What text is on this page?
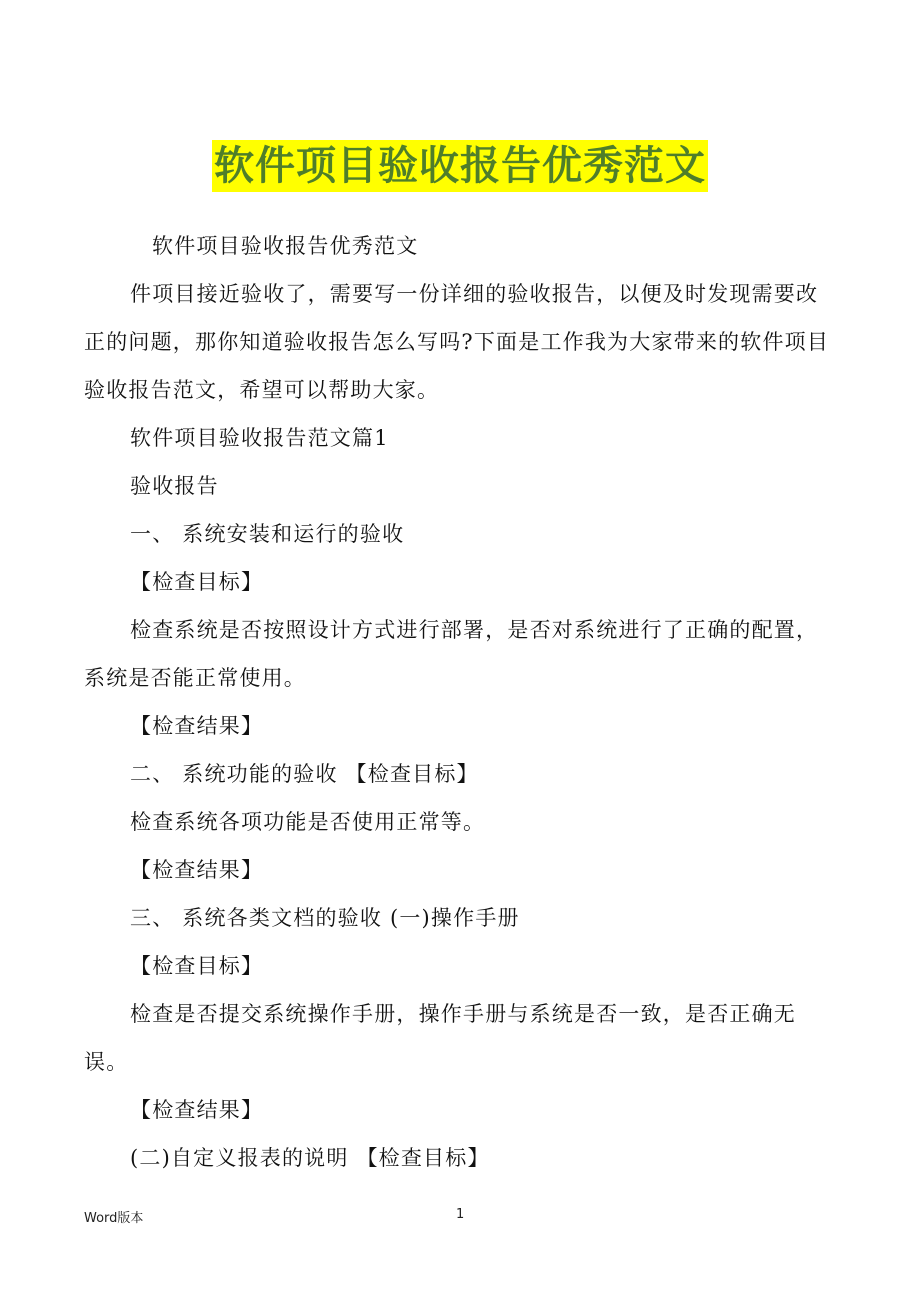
软件项目验收报告优秀范文

软件项目验收报告优秀范文

件项目接近验收了，需要写一份详细的验收报告，以便及时发现需要改正的问题，那你知道验收报告怎么写吗?下面是工作我为大家带来的软件项目验收报告范文，希望可以帮助大家。

软件项目验收报告范文篇1

验收报告

一、 系统安装和运行的验收

【检查目标】

检查系统是否按照设计方式进行部署，是否对系统进行了正确的配置，系统是否能正常使用。

【检查结果】

二、 系统功能的验收 【检查目标】

检查系统各项功能是否使用正常等。

【检查结果】

三、 系统各类文档的验收 (一)操作手册

【检查目标】

检查是否提交系统操作手册，操作手册与系统是否一致，是否正确无误。

【检查结果】

(二)自定义报表的说明 【检查目标】

Word版本	1
